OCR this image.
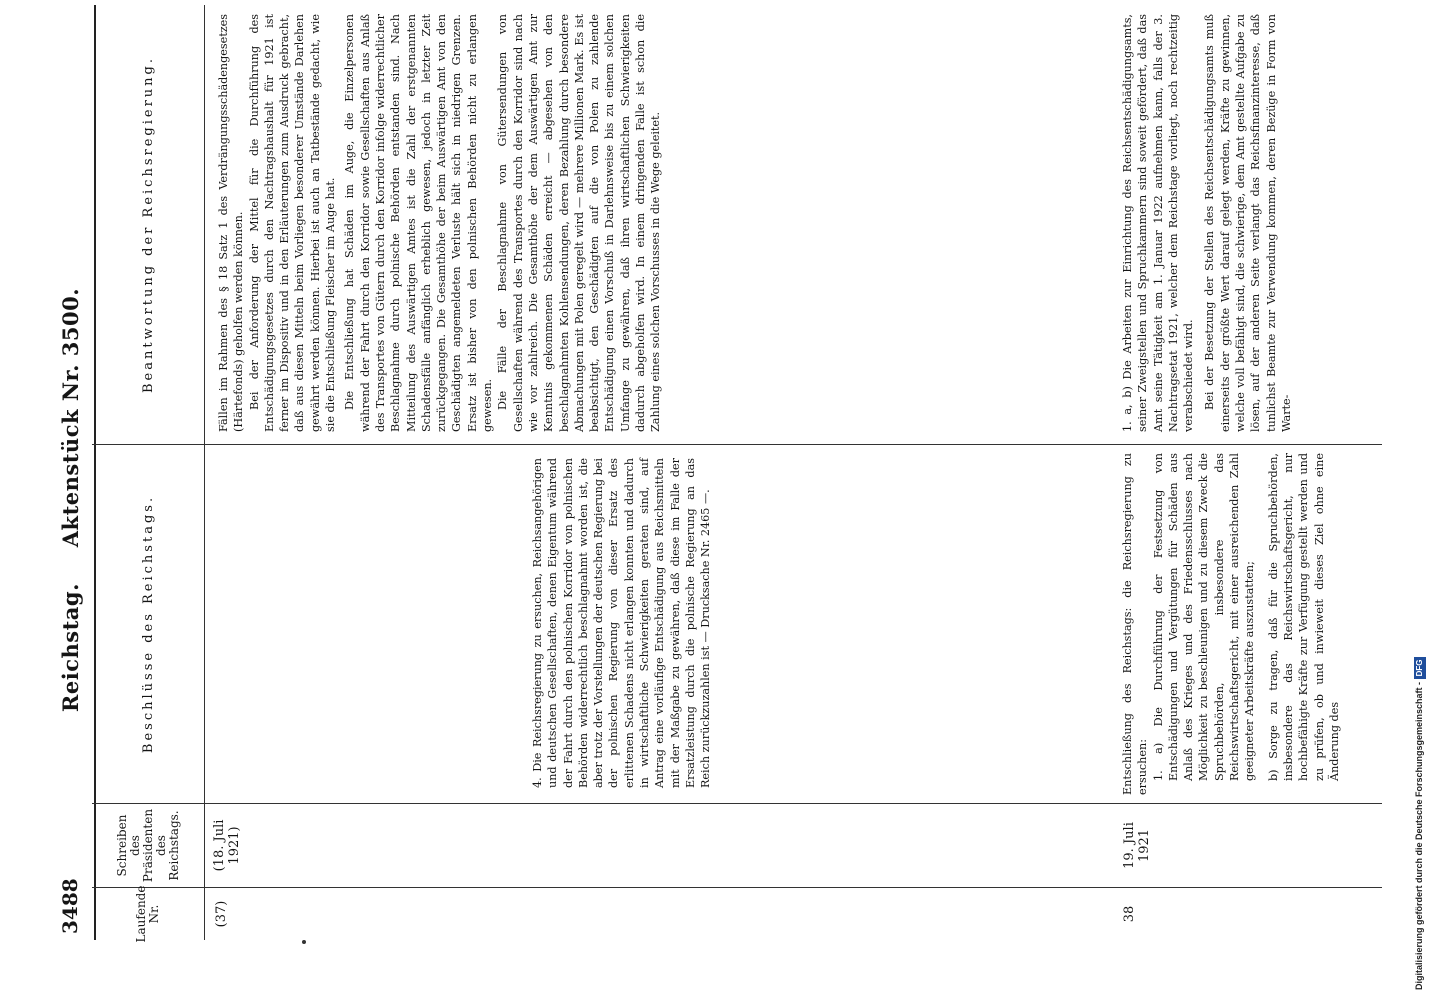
3488
Reichstag. Aktenstück Nr. 3500.
Laufende Nr.
Schreiben des Präsidenten des Reichstags.
Beschlüsse des Reichstags.
Beantwortung der Reichsregierung.
(37)
(18. Juli 1921)
4. Die Reichsregierung zu ersuchen, Reichsangehörigen und deutschen Gesellschaften, denen Eigentum während der Fahrt durch den polnischen Korridor von polnischen Behörden widerrechtlich beschlagnahmt worden ist, die aber trotz der Vorstellungen der deutschen Regierung bei der polnischen Regierung von dieser Ersatz des erlittenen Schadens nicht erlangen konnten und dadurch in wirtschaftliche Schwierigkeiten geraten sind, auf Antrag eine vorläufige Entschädigung aus Reichsmitteln mit der Maßgabe zu gewähren, daß diese im Falle der Ersatzleistung durch die polnische Regierung an das Reich zurückzuzahlen ist — Drucksache Nr. 2465 —.

Fällen im Rahmen des § 18 Satz 1 des Verdrängungsschädengesetzes (Härtefonds) geholfen werden können. Bei der Anforderung der Mittel für die Durchführung des Entschädigungsgesetzes durch den Nachtragshaushalt für 1921 ist ferner im Dispositiv und in den Erläuterungen zum Ausdruck gebracht, daß aus diesen Mitteln beim Vorliegen besonderer Umstände Darlehen gewährt werden können. Hierbei ist auch an Tatbestände gedacht, wie sie die Entschließung Fleischer im Auge hat. Die Entschließung hat Schäden im Auge, die Einzelpersonen während der Fahrt durch den Korridor sowie Gesellschaften aus Anlaß des Transportes von Gütern durch den Korridor infolge widerrechtlicher Beschlagnahme durch polnische Behörden entstanden sind. Nach Mitteilung des Auswärtigen Amtes ist die Zahl der erstgenannten Schadensfälle anfänglich erheblich gewesen, jedoch in letzter Zeit zurückgegangen. Die Gesamthöhe der beim Auswärtigen Amt von den Geschädigten angemeldeten Verluste hält sich in niedrigen Grenzen. Ersatz ist bisher von den polnischen Behörden nicht zu erlangen gewesen. Die Fälle der Beschlagnahme von Gütersendungen von Gesellschaften während des Transportes durch den Korridor sind nach wie vor zahlreich. Die Gesamthöhe der dem Auswärtigen Amt zur Kenntnis gekommenen Schäden erreicht — abgesehen von den beschlagnahmten Kohlensendungen, deren Bezahlung durch besondere Abmachungen mit Polen geregelt wird — mehrere Millionen Mark. Es ist beabsichtigt, den Geschädigten auf die von Polen zu zahlende Entschädigung einen Vorschuß in Darlehnsweise bis zu einem solchen Umfange zu gewähren, daß ihren wirtschaftlichen Schwierigkeiten dadurch abgeholfen wird. In einem dringenden Falle ist schon die Zahlung eines solchen Vorschusses in die Wege geleitet.

38
19. Juli 1921

Entschließung des Reichstags: die Reichsregierung zu ersuchen: 1. a) Die Durchführung der Festsetzung von Entschädigungen und Vergütungen für Schäden aus Anlaß des Krieges und des Friedensschlusses nach Möglichkeit zu beschleunigen und zu diesem Zweck die Spruchbehörden, insbesondere das Reichswirtschaftsgericht, mit einer ausreichenden Zahl geeigneter Arbeitskräfte auszustatten; b) Sorge zu tragen, daß für die Spruchbehörden, insbesondere das Reichswirtschaftsgericht, nur hochbefähigte Kräfte zur Verfügung gestellt werden und zu prüfen, ob und inwieweit dieses Ziel ohne eine Änderung des

1. a, b) Die Arbeiten zur Einrichtung des Reichsentschädigungsamts, seiner Zweigstellen und Spruchkammern sind soweit gefördert, daß das Amt seine Tätigkeit am 1. Januar 1922 aufnehmen kann, falls der 3. Nachtragsetat 1921, welcher dem Reichstage vorliegt, noch rechtzeitig verabschiedet wird. Bei der Besetzung der Stellen des Reichsentschädigungsamts muß einerseits der größte Wert darauf gelegt werden, Kräfte zu gewinnen, welche voll befähigt sind, die schwierige, dem Amt gestellte Aufgabe zu lösen, auf der anderen Seite verlangt das Reichsfinanzinteresse, daß tunlichst Beamte zur Verwendung kommen, deren Bezüge in Form von Warte-

Digitalisierung gefördert durch die Deutsche Forschungsgemeinschaft - DFG
